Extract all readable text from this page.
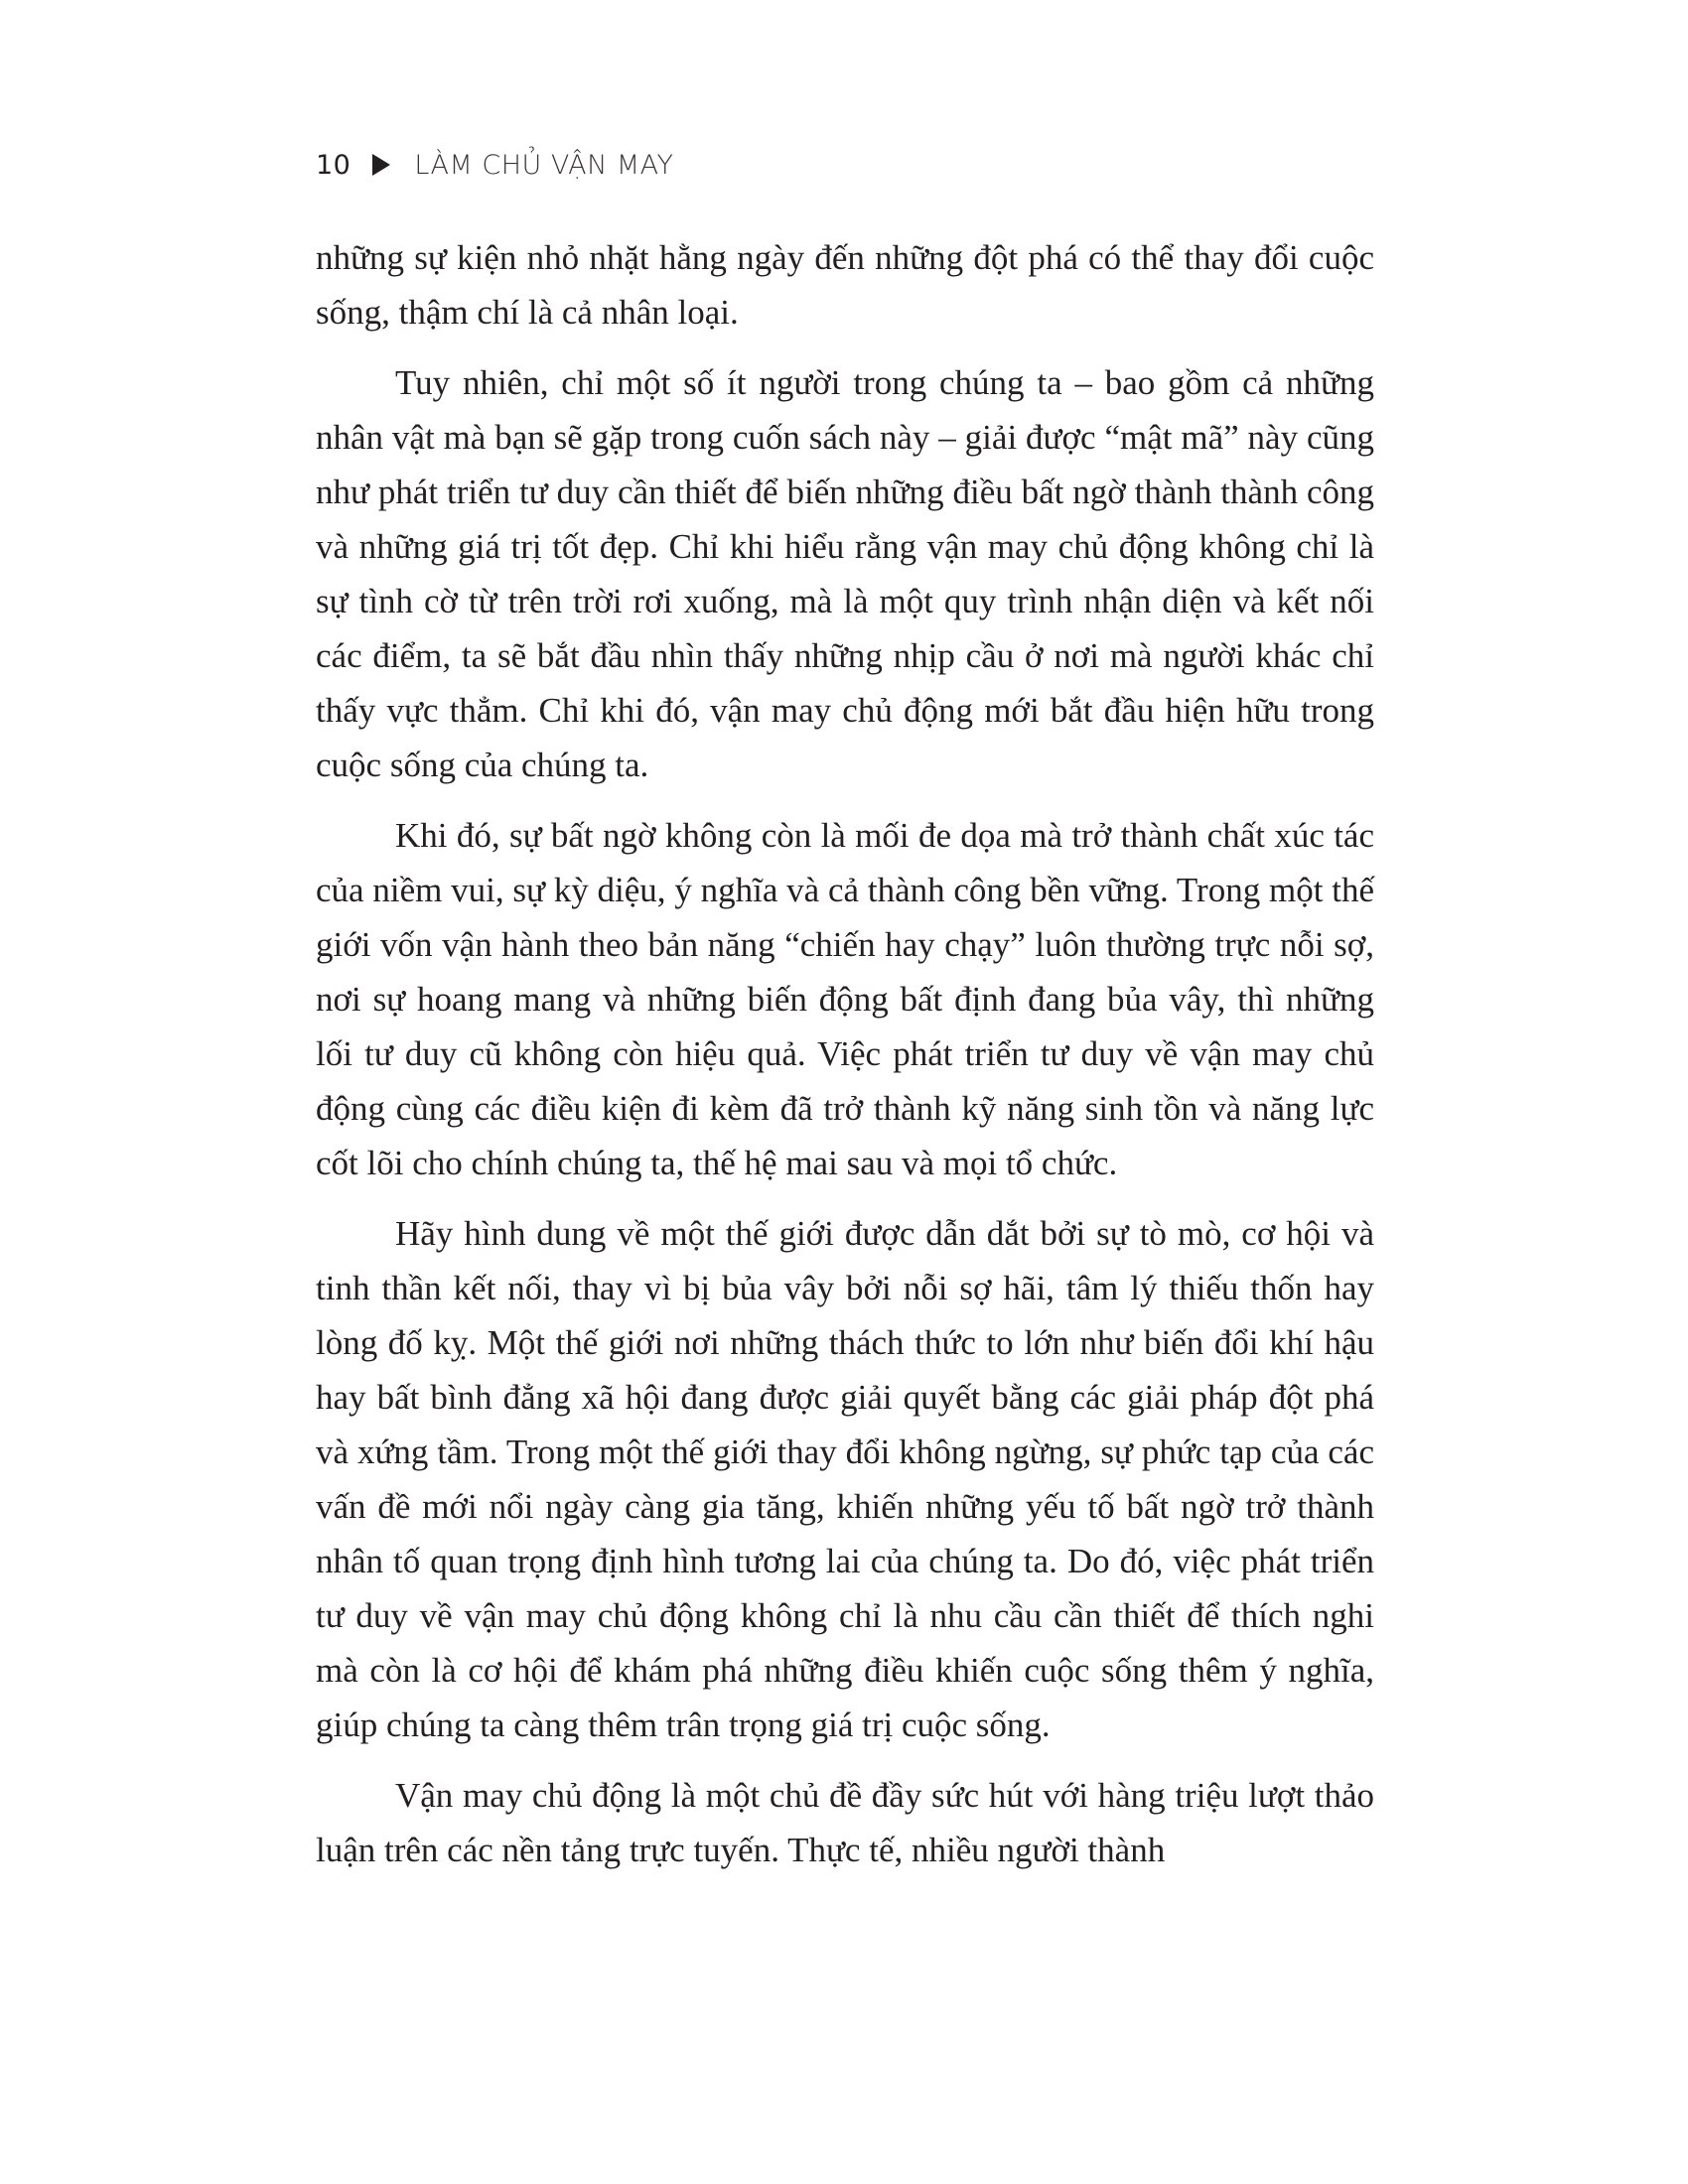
10 LÀM CHỦ VẬN MAY

những sự kiện nhỏ nhặt hằng ngày đến những đột phá có thể thay đổi cuộc sống, thậm chí là cả nhân loại.

Tuy nhiên, chỉ một số ít người trong chúng ta – bao gồm cả những nhân vật mà bạn sẽ gặp trong cuốn sách này – giải được “mật mã” này cũng như phát triển tư duy cần thiết để biến những điều bất ngờ thành thành công và những giá trị tốt đẹp. Chỉ khi hiểu rằng vận may chủ động không chỉ là sự tình cờ từ trên trời rơi xuống, mà là một quy trình nhận diện và kết nối các điểm, ta sẽ bắt đầu nhìn thấy những nhịp cầu ở nơi mà người khác chỉ thấy vực thẳm. Chỉ khi đó, vận may chủ động mới bắt đầu hiện hữu trong cuộc sống của chúng ta.

Khi đó, sự bất ngờ không còn là mối đe dọa mà trở thành chất xúc tác của niềm vui, sự kỳ diệu, ý nghĩa và cả thành công bền vững. Trong một thế giới vốn vận hành theo bản năng “chiến hay chạy” luôn thường trực nỗi sợ, nơi sự hoang mang và những biến động bất định đang bủa vây, thì những lối tư duy cũ không còn hiệu quả. Việc phát triển tư duy về vận may chủ động cùng các điều kiện đi kèm đã trở thành kỹ năng sinh tồn và năng lực cốt lõi cho chính chúng ta, thế hệ mai sau và mọi tổ chức.

Hãy hình dung về một thế giới được dẫn dắt bởi sự tò mò, cơ hội và tinh thần kết nối, thay vì bị bủa vây bởi nỗi sợ hãi, tâm lý thiếu thốn hay lòng đố kỵ. Một thế giới nơi những thách thức to lớn như biến đổi khí hậu hay bất bình đẳng xã hội đang được giải quyết bằng các giải pháp đột phá và xứng tầm. Trong một thế giới thay đổi không ngừng, sự phức tạp của các vấn đề mới nổi ngày càng gia tăng, khiến những yếu tố bất ngờ trở thành nhân tố quan trọng định hình tương lai của chúng ta. Do đó, việc phát triển tư duy về vận may chủ động không chỉ là nhu cầu cần thiết để thích nghi mà còn là cơ hội để khám phá những điều khiến cuộc sống thêm ý nghĩa, giúp chúng ta càng thêm trân trọng giá trị cuộc sống.

Vận may chủ động là một chủ đề đầy sức hút với hàng triệu lượt thảo luận trên các nền tảng trực tuyến. Thực tế, nhiều người thành
